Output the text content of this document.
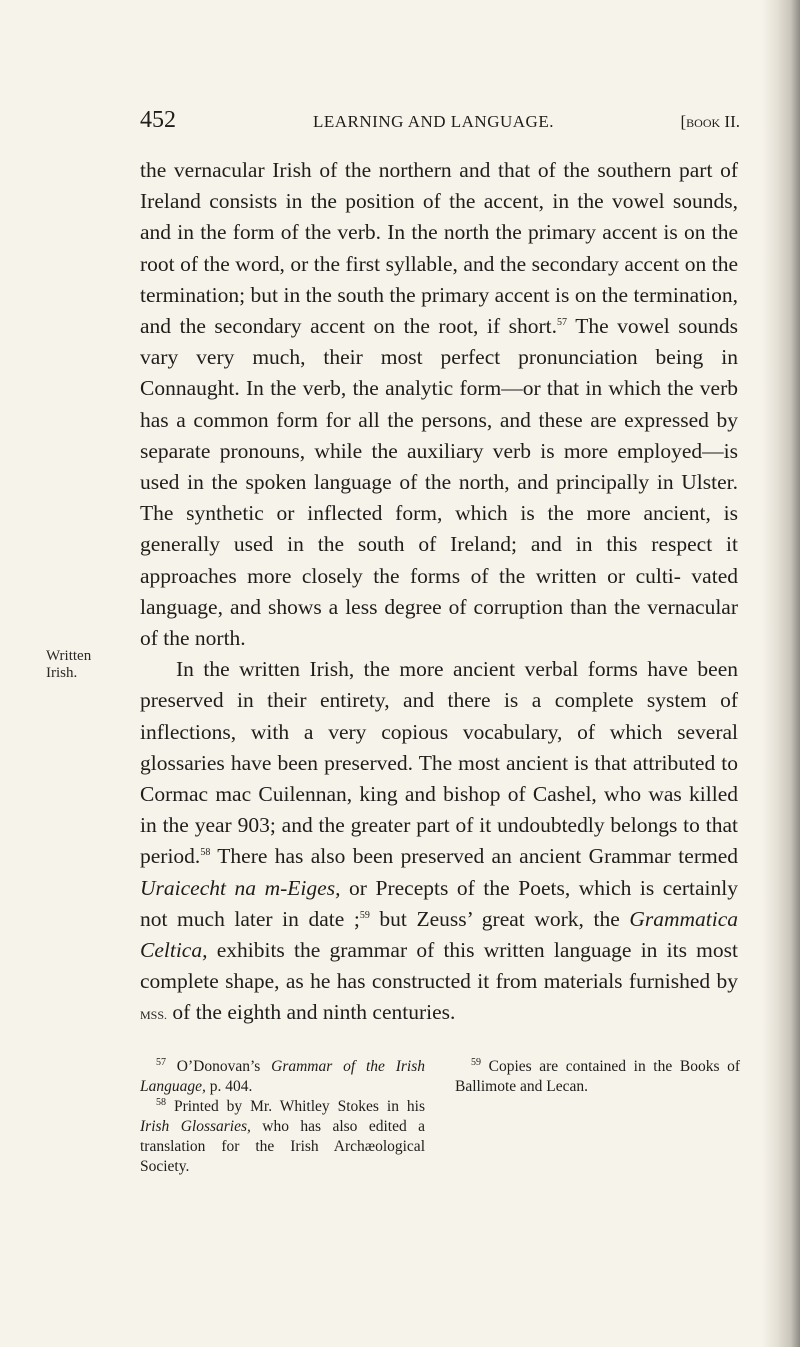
452	LEARNING AND LANGUAGE.	[BOOK II.
Written Irish.

the vernacular Irish of the northern and that of the southern part of Ireland consists in the position of the accent, in the vowel sounds, and in the form of the verb. In the north the primary accent is on the root of the word, or the first syllable, and the secondary accent on the termination; but in the south the primary accent is on the termination, and the secondary accent on the root, if short.$^{57}$ The vowel sounds vary very much, their most perfect pronunciation being in Connaught. In the verb, the analytic form—or that in which the verb has a common form for all the persons, and these are expressed by separate pronouns, while the auxiliary verb is more employed—is used in the spoken language of the north, and principally in Ulster. The synthetic or inflected form, which is the more ancient, is generally used in the south of Ireland; and in this respect it approaches more closely the forms of the written or culti- vated language, and shows a less degree of corruption than the vernacular of the north.

In the written Irish, the more ancient verbal forms have been preserved in their entirety, and there is a complete system of inflections, with a very copious vocabulary, of which several glossaries have been preserved. The most ancient is that attributed to Cormac mac Cuilennan, king and bishop of Cashel, who was killed in the year 903; and the greater part of it undoubtedly belongs to that period.$^{58}$ There has also been preserved an ancient Grammar termed Uraicecht na m-Eiges, or Precepts of the Poets, which is certainly not much later in date ;$^{59}$ but Zeuss’ great work, the Grammatica Celtica, exhibits the grammar of this written language in its most complete shape, as he has constructed it from materials furnished by MSS. of the eighth and ninth centuries.

$^{57}$ O’Donovan’s Grammar of the Irish Language, p. 404.

$^{58}$ Printed by Mr. Whitley Stokes in his Irish Glossaries, who has also edited a translation for the Irish Archæological Society.

$^{59}$ Copies are contained in the Books of Ballimote and Lecan.
